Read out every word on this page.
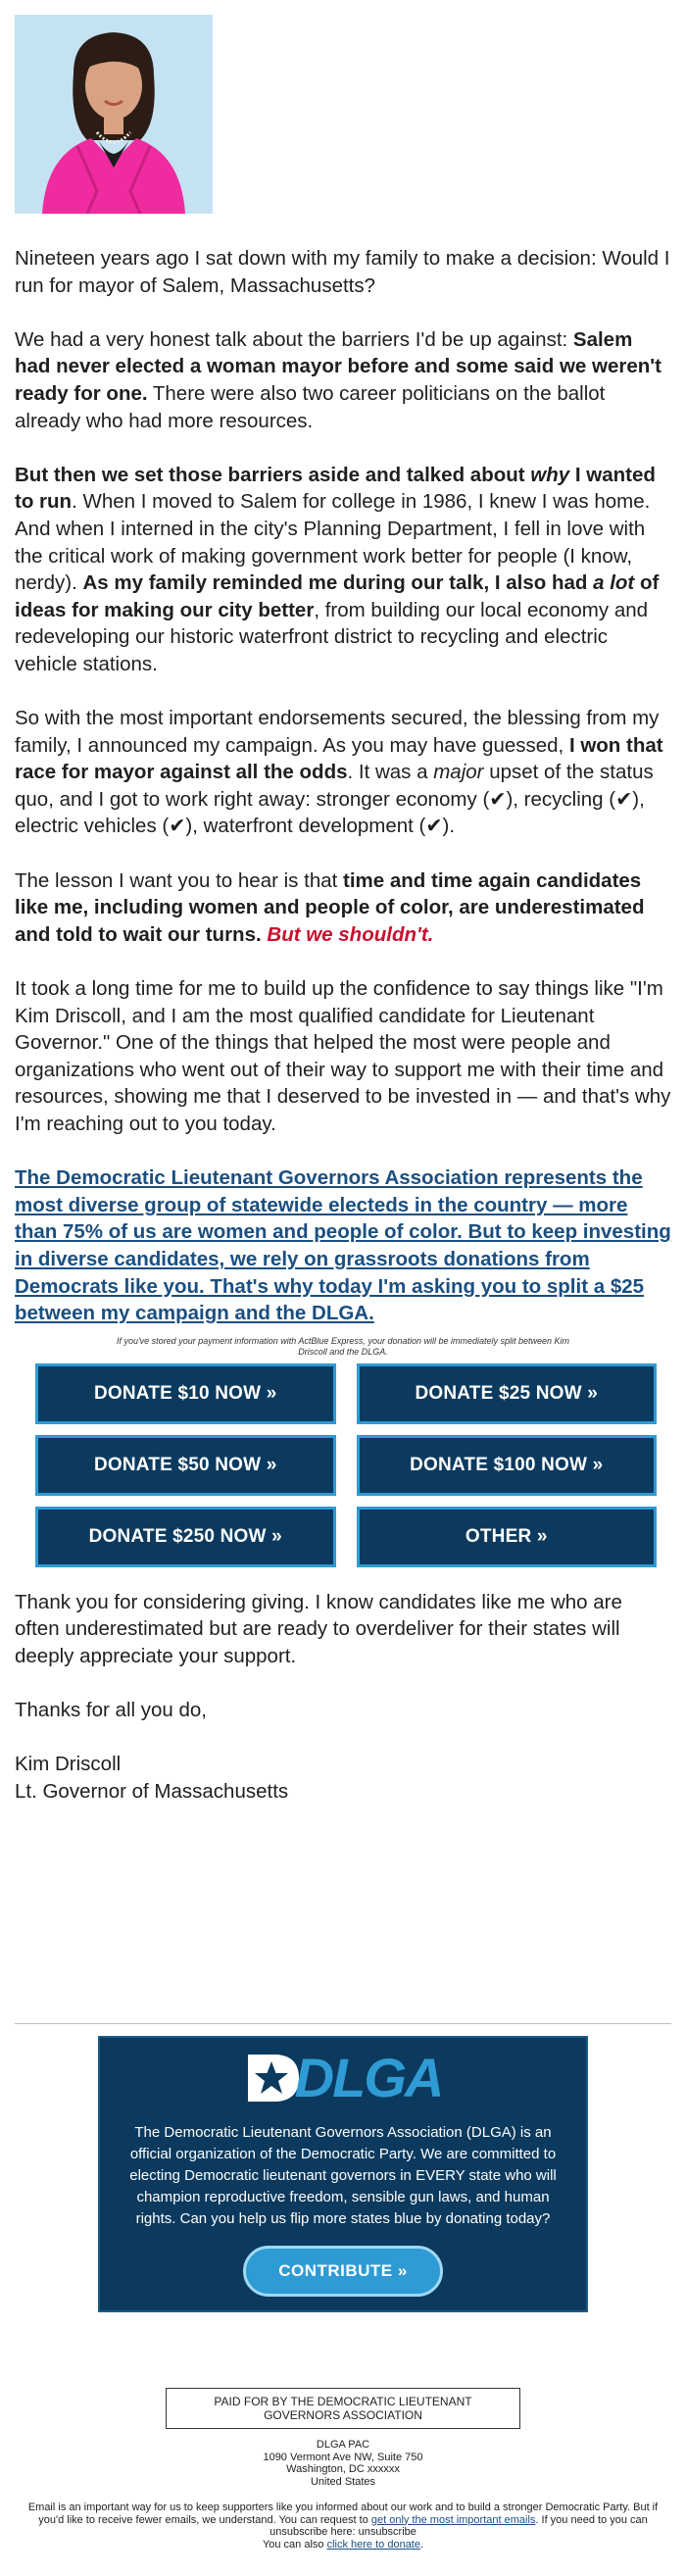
Nineteen years ago I sat down with my family to make a decision: Would I run for mayor of Salem, Massachusetts?

We had a very honest talk about the barriers I'd be up against: Salem had never elected a woman mayor before and some said we weren't ready for one. There were also two career politicians on the ballot already who had more resources.

But then we set those barriers aside and talked about why I wanted to run. When I moved to Salem for college in 1986, I knew I was home. And when I interned in the city's Planning Department, I fell in love with the critical work of making government work better for people (I know, nerdy). As my family reminded me during our talk, I also had a lot of ideas for making our city better, from building our local economy and redeveloping our historic waterfront district to recycling and electric vehicle stations.

So with the most important endorsements secured, the blessing from my family, I announced my campaign. As you may have guessed, I won that race for mayor against all the odds. It was a major upset of the status quo, and I got to work right away: stronger economy (✔), recycling (✔), electric vehicles (✔), waterfront development (✔).

The lesson I want you to hear is that time and time again candidates like me, including women and people of color, are underestimated and told to wait our turns. But we shouldn't.

It took a long time for me to build up the confidence to say things like "I'm Kim Driscoll, and I am the most qualified candidate for Lieutenant Governor." One of the things that helped the most were people and organizations who went out of their way to support me with their time and resources, showing me that I deserved to be invested in — and that's why I'm reaching out to you today.

The Democratic Lieutenant Governors Association represents the most diverse group of statewide electeds in the country — more than 75% of us are women and people of color. But to keep investing in diverse candidates, we rely on grassroots donations from Democrats like you. That's why today I'm asking you to split a $25 between my campaign and the DLGA.

If you've stored your payment information with ActBlue Express, your donation will be immediately split between Kim Driscoll and the DLGA.
DONATE $10 NOW »	DONATE $25 NOW »
DONATE $50 NOW »	DONATE $100 NOW »
DONATE $250 NOW »	OTHER »

Thank you for considering giving. I know candidates like me who are often underestimated but are ready to overdeliver for their states will deeply appreciate your support.

Thanks for all you do,

Kim Driscoll
Lt. Governor of Massachusetts

DLGA

The Democratic Lieutenant Governors Association (DLGA) is an official organization of the Democratic Party. We are committed to electing Democratic lieutenant governors in EVERY state who will champion reproductive freedom, sensible gun laws, and human rights. Can you help us flip more states blue by donating today?

CONTRIBUTE »
PAID FOR BY THE DEMOCRATIC LIEUTENANT GOVERNORS ASSOCIATION
DLGA PAC
1090 Vermont Ave NW, Suite 750
Washington, DC xxxxxx
United States
Email is an important way for us to keep supporters like you informed about our work and to build a stronger Democratic Party. But if you'd like to receive fewer emails, we understand. You can request to get only the most important emails. If you need to you can unsubscribe here: unsubscribe
You can also click here to donate.
